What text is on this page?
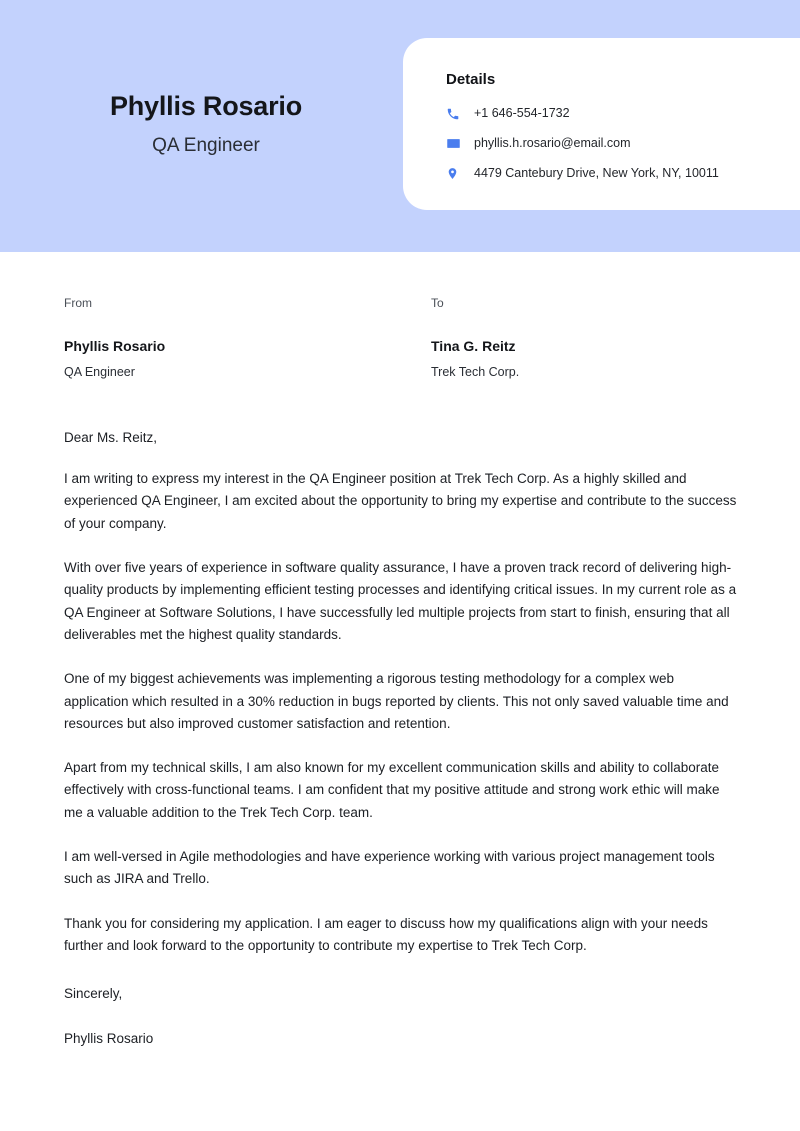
Phyllis Rosario
QA Engineer
Details
+1 646-554-1732
phyllis.h.rosario@email.com
4479 Cantebury Drive, New York, NY, 10011
From
Phyllis Rosario
QA Engineer
To
Tina G. Reitz
Trek Tech Corp.
Dear Ms. Reitz,

I am writing to express my interest in the QA Engineer position at Trek Tech Corp. As a highly skilled and experienced QA Engineer, I am excited about the opportunity to bring my expertise and contribute to the success of your company.

With over five years of experience in software quality assurance, I have a proven track record of delivering high-quality products by implementing efficient testing processes and identifying critical issues. In my current role as a QA Engineer at Software Solutions, I have successfully led multiple projects from start to finish, ensuring that all deliverables met the highest quality standards.

One of my biggest achievements was implementing a rigorous testing methodology for a complex web application which resulted in a 30% reduction in bugs reported by clients. This not only saved valuable time and resources but also improved customer satisfaction and retention.

Apart from my technical skills, I am also known for my excellent communication skills and ability to collaborate effectively with cross-functional teams. I am confident that my positive attitude and strong work ethic will make me a valuable addition to the Trek Tech Corp. team.

I am well-versed in Agile methodologies and have experience working with various project management tools such as JIRA and Trello.

Thank you for considering my application. I am eager to discuss how my qualifications align with your needs further and look forward to the opportunity to contribute my expertise to Trek Tech Corp.

Sincerely,
Phyllis Rosario
